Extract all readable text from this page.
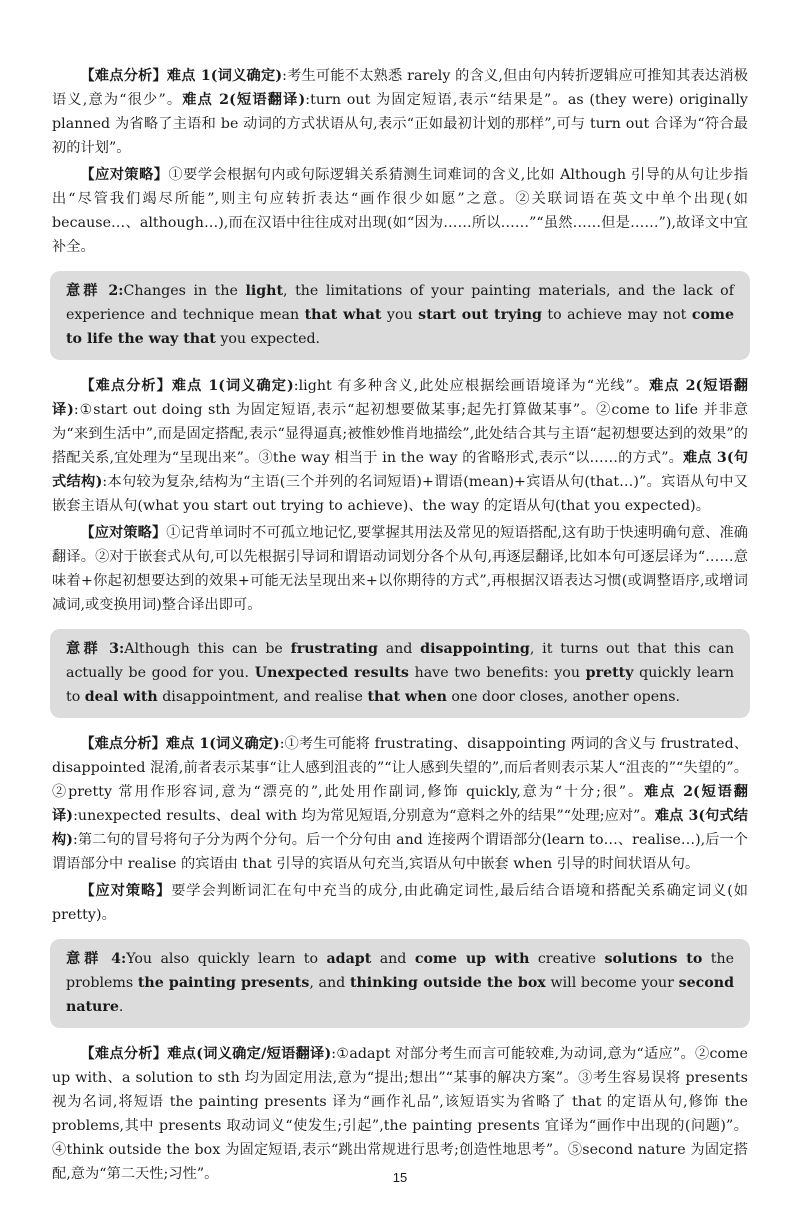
【难点分析】难点 1(词义确定):考生可能不太熟悉 rarely 的含义,但由句内转折逻辑应可推知其表达消极语义,意为“很少”。难点 2(短语翻译):turn out 为固定短语,表示“结果是”。as (they were) originally planned 为省略了主语和 be 动词的方式状语从句,表示“正如最初计划的那样”,可与 turn out 合译为“符合最初的计划”。

【应对策略】①要学会根据句内或句际逻辑关系猜测生词难词的含义,比如 Although 引导的从句让步指出“尽管我们竭尽所能”,则主句应转折表达“画作很少如愿”之意。②关联词语在英文中单个出现(如 because…、although…),而在汉语中往往成对出现(如“因为……所以……”“虽然……但是……”),故译文中宜补全。

意群 2:Changes in the light, the limitations of your painting materials, and the lack of experience and technique mean that what you start out trying to achieve may not come to life the way that you expected.

【难点分析】难点 1(词义确定):light 有多种含义,此处应根据绘画语境译为“光线”。难点 2(短语翻译):①start out doing sth 为固定短语,表示“起初想要做某事;起先打算做某事”。②come to life 并非意为“来到生活中”,而是固定搭配,表示“显得逼真;被惟妙惟肖地描绘”,此处结合其与主语“起初想要达到的效果”的搭配关系,宜处理为“呈现出来”。③the way 相当于 in the way 的省略形式,表示“以……的方式”。难点 3(句式结构):本句较为复杂,结构为“主语(三个并列的名词短语)+谓语(mean)+宾语从句(that…)”。宾语从句中又嵌套主语从句(what you start out trying to achieve)、the way 的定语从句(that you expected)。

【应对策略】①记背单词时不可孤立地记忆,要掌握其用法及常见的短语搭配,这有助于快速明确句意、准确翻译。②对于嵌套式从句,可以先根据引导词和谓语动词划分各个从句,再逐层翻译,比如本句可逐层译为“……意味着+你起初想要达到的效果+可能无法呈现出来+以你期待的方式”,再根据汉语表达习惯(或调整语序,或增词减词,或变换用词)整合译出即可。

意群 3:Although this can be frustrating and disappointing, it turns out that this can actually be good for you. Unexpected results have two benefits: you pretty quickly learn to deal with disappointment, and realise that when one door closes, another opens.

【难点分析】难点 1(词义确定):①考生可能将 frustrating、disappointing 两词的含义与 frustrated、disappointed 混淆,前者表示某事“让人感到沮丧的”“让人感到失望的”,而后者则表示某人“沮丧的”“失望的”。②pretty 常用作形容词,意为“漂亮的”,此处用作副词,修饰 quickly,意为“十分;很”。难点 2(短语翻译):unexpected results、deal with 均为常见短语,分别意为“意料之外的结果”“处理;应对”。难点 3(句式结构):第二句的冒号将句子分为两个分句。后一个分句由 and 连接两个谓语部分(learn to…、realise…),后一个谓语部分中 realise 的宾语由 that 引导的宾语从句充当,宾语从句中嵌套 when 引导的时间状语从句。

【应对策略】要学会判断词汇在句中充当的成分,由此确定词性,最后结合语境和搭配关系确定词义(如 pretty)。

意群 4:You also quickly learn to adapt and come up with creative solutions to the problems the painting presents, and thinking outside the box will become your second nature.

【难点分析】难点(词义确定/短语翻译):①adapt 对部分考生而言可能较难,为动词,意为“适应”。②come up with、a solution to sth 均为固定用法,意为“提出;想出”“某事的解决方案”。③考生容易误将 presents 视为名词,将短语 the painting presents 译为“画作礼品”,该短语实为省略了 that 的定语从句,修饰 the problems,其中 presents 取动词义“使发生;引起”,the painting presents 宜译为“画作中出现的(问题)”。④think outside the box 为固定短语,表示“跳出常规进行思考;创造性地思考”。⑤second nature 为固定搭配,意为“第二天性;习性”。	15
